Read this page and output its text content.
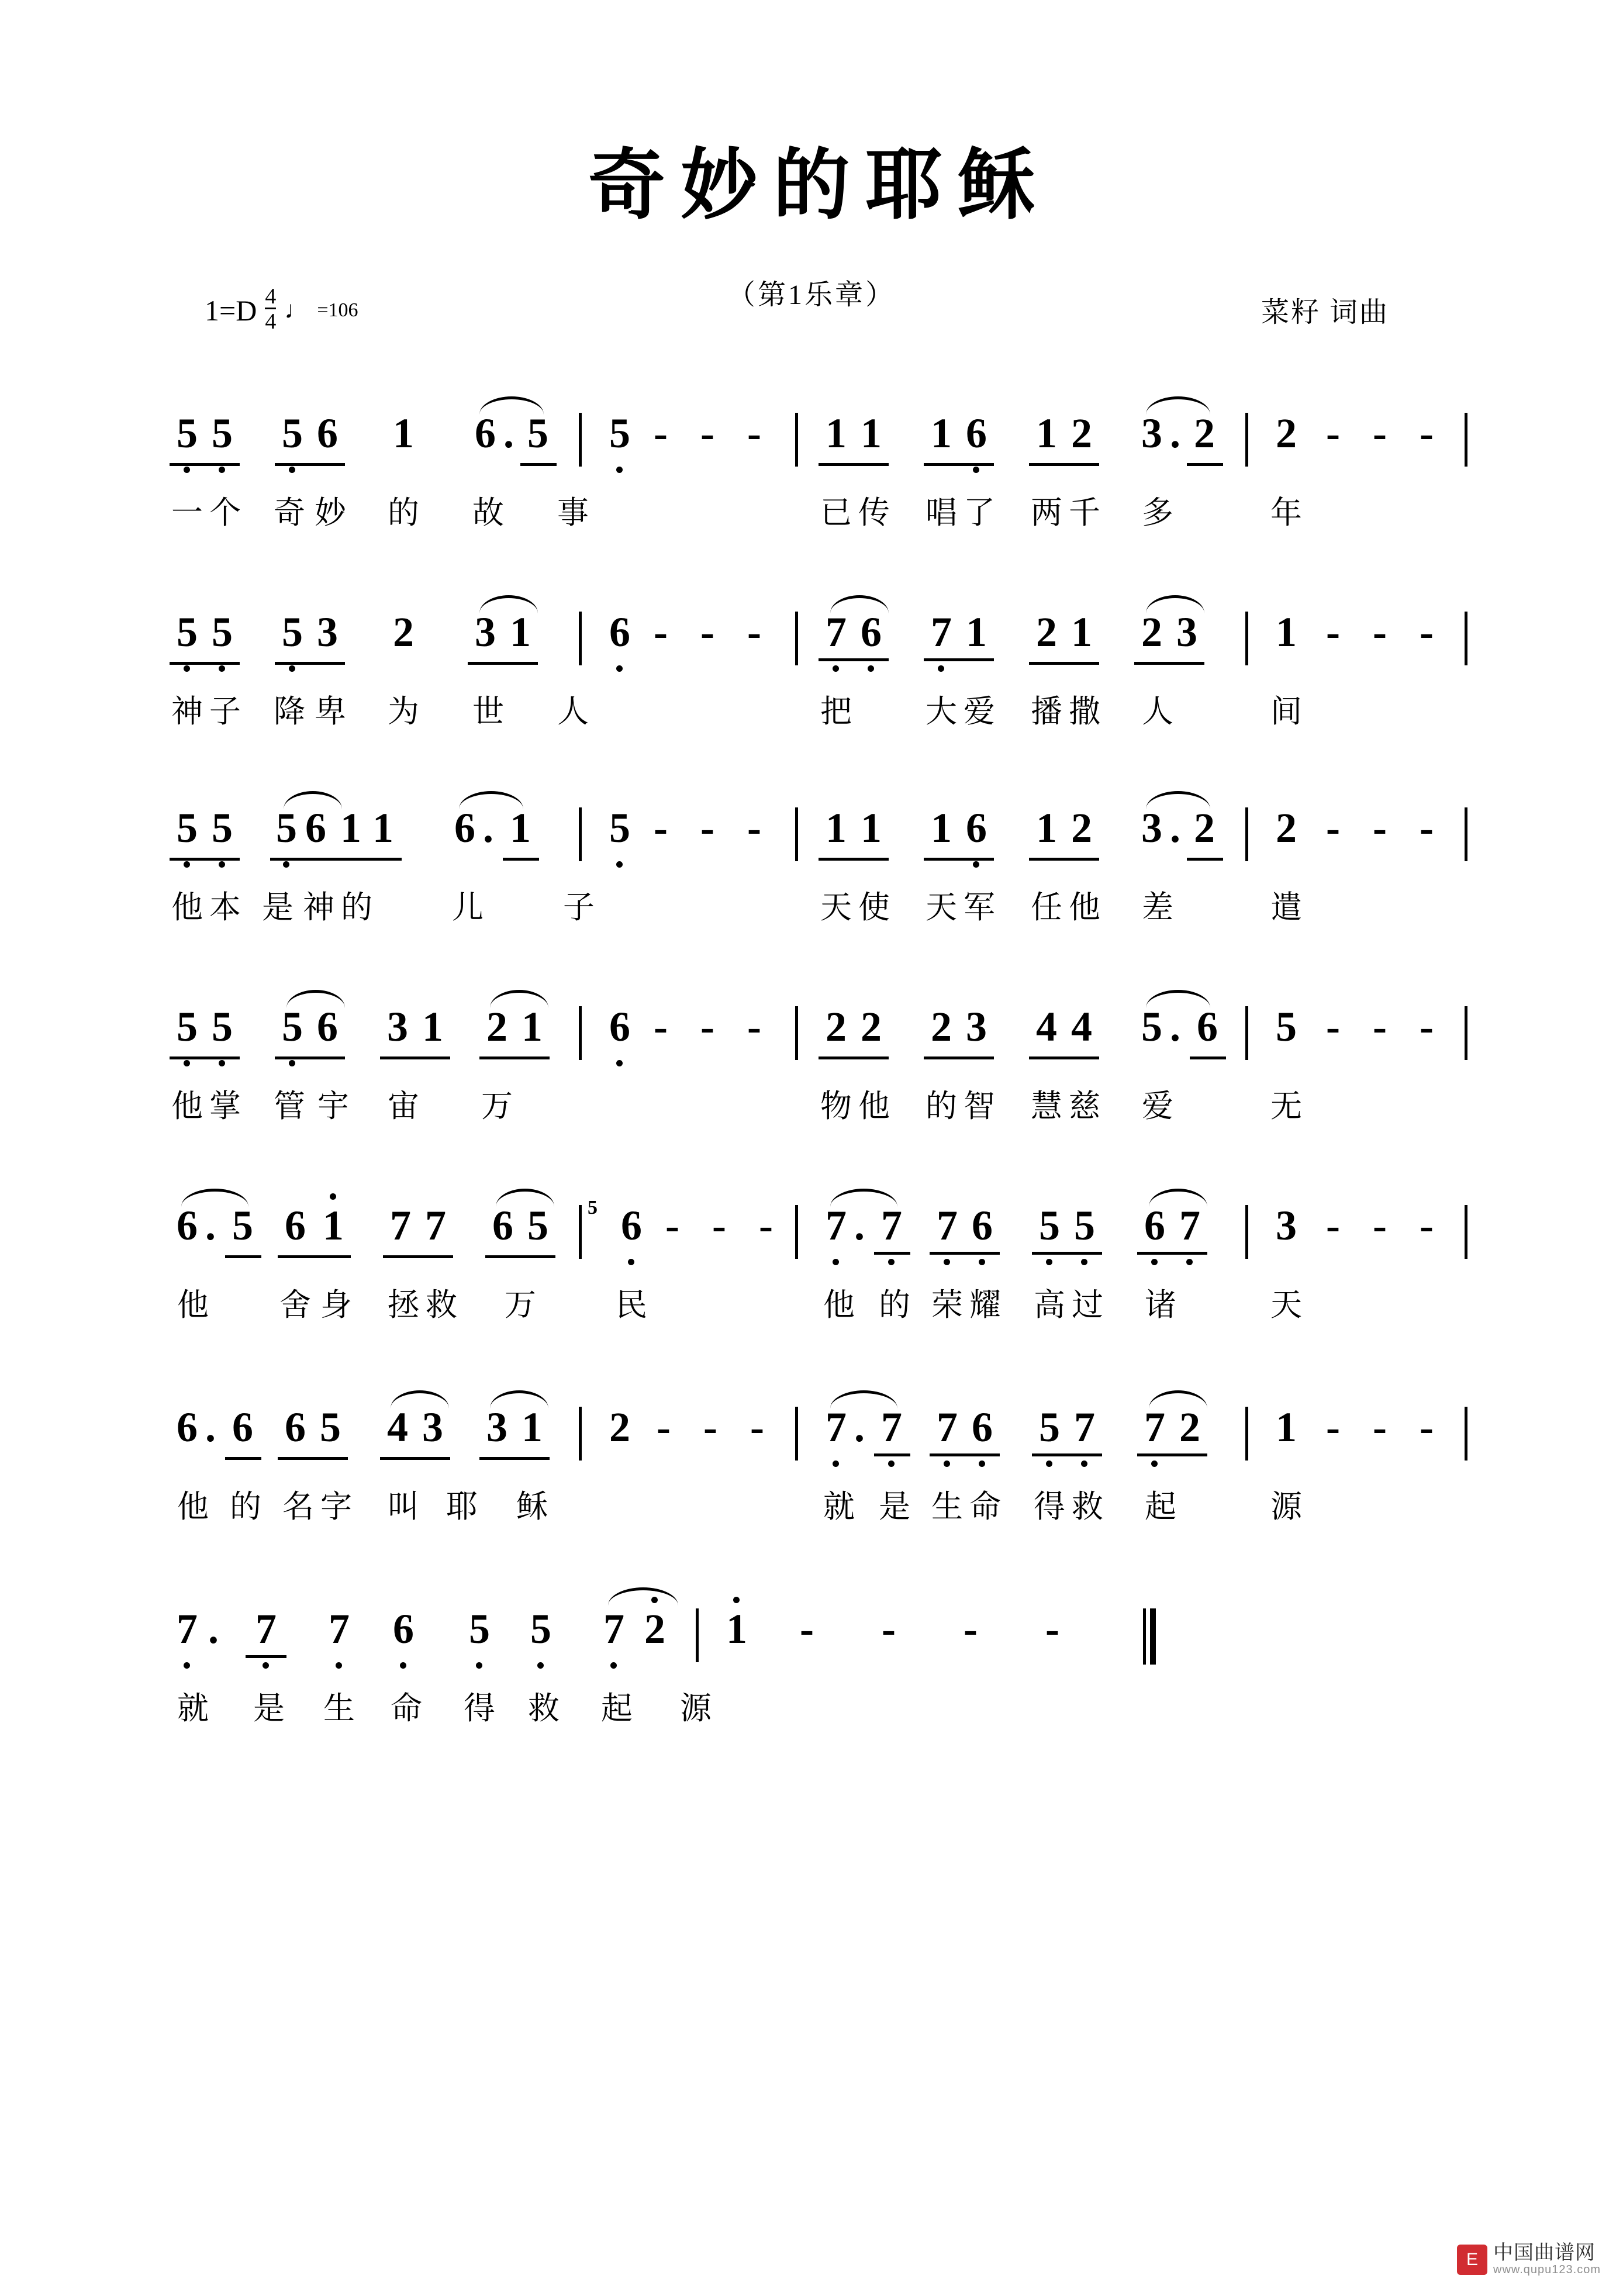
奇妙的耶稣
（第1乐章）
$1=D \frac{4}{4}$ ♩ =106	菜籽 词曲
5 5 5 6 1 6 . 5 5 - - - 1 1 1 6 1 2 3 . 2 2 - - -
一 个 奇 妙 的 故 事	已 传 唱 了 两 千 多	年
5 5 5 3 2 3 1 6 - - - 7 6 7 1 2 1 2 3 1 - - -
神 子 降 卑 为 世 人	把 大 爱 播 撒 人	间
5 5 5 6 1 1 6 . 1 5 - - - 1 1 1 6 1 2 3 . 2 2 - - -
他 本 是 神 的	儿	子	天 使 天 军 任 他 差	遣
5 5 5 6 3 1 2 1 6 - - - 2 2 2 3 4 4 5 . 6 5 - - -
他 掌 管 宇 宙 万	物 他 的 智 慧 慈 爱	无
6 . 5 6 1 7 7 6 5 5 6 - - - 7 . 7 7 6 5 5 6 7 3 - - -
他 舍 身 拯 救 万	民	他 的 荣 耀 高 过 诸	天
6 . 6 6 5 4 3 3 1 2 - - - 7 . 7 7 6 5 7 7 2 1 - - -
他 的 名 字 叫 耶 稣	就 是 生 命 得 救 起	源
7 . 7 7 6 5 5 7 2 1 - - - -
就 是 生 命 得 救 起 源
E 中国曲谱网
www.qupu123.com
